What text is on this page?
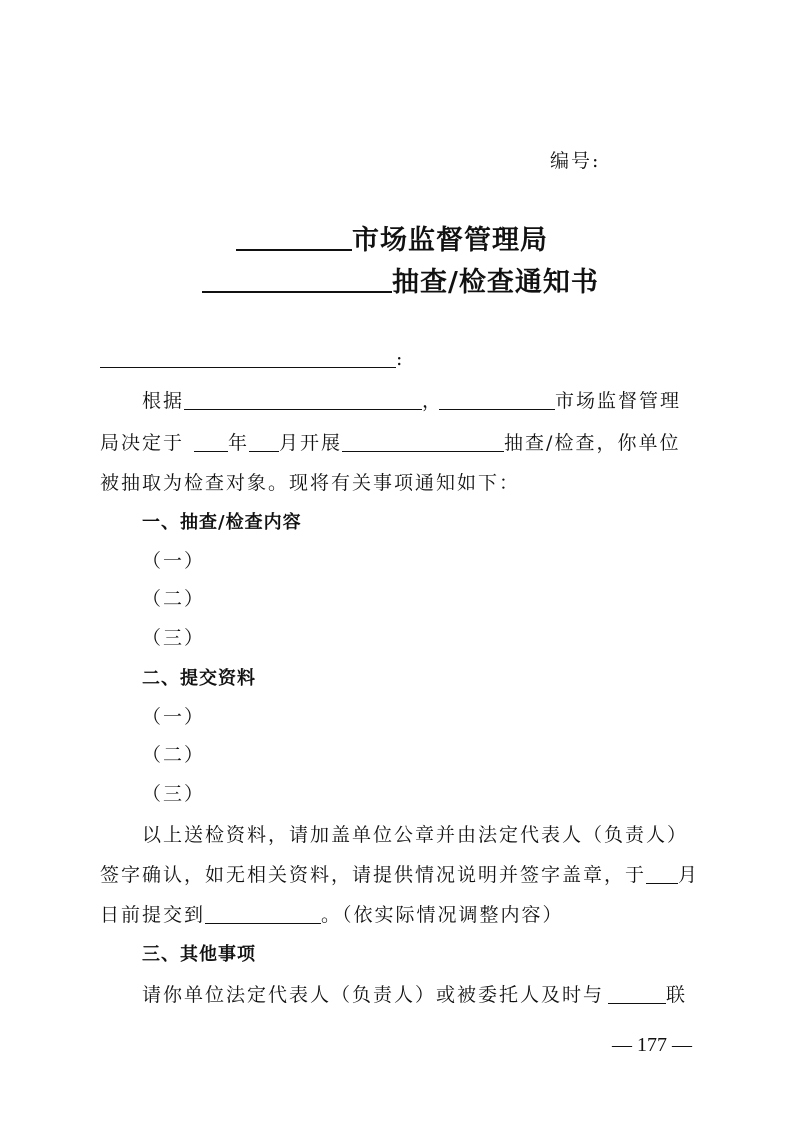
编号:
市场监督管理局
抽查/检查通知书
:
根据	，	市场监督管理
局决定于 年 月开展	抽查/检查，你单位
被抽取为检查对象。现将有关事项通知如下：
一、抽查/检查内容
（一）
（二）
（三）
二、提交资料
（一）
（二）
（三）
以上送检资料，请加盖单位公章并由法定代表人（负责人）
签字确认，如无相关资料，请提供情况说明并签字盖章，于 月
日前提交到	。（依实际情况调整内容）
三、其他事项
请你单位法定代表人（负责人）或被委托人及时与	联
— 177 —
